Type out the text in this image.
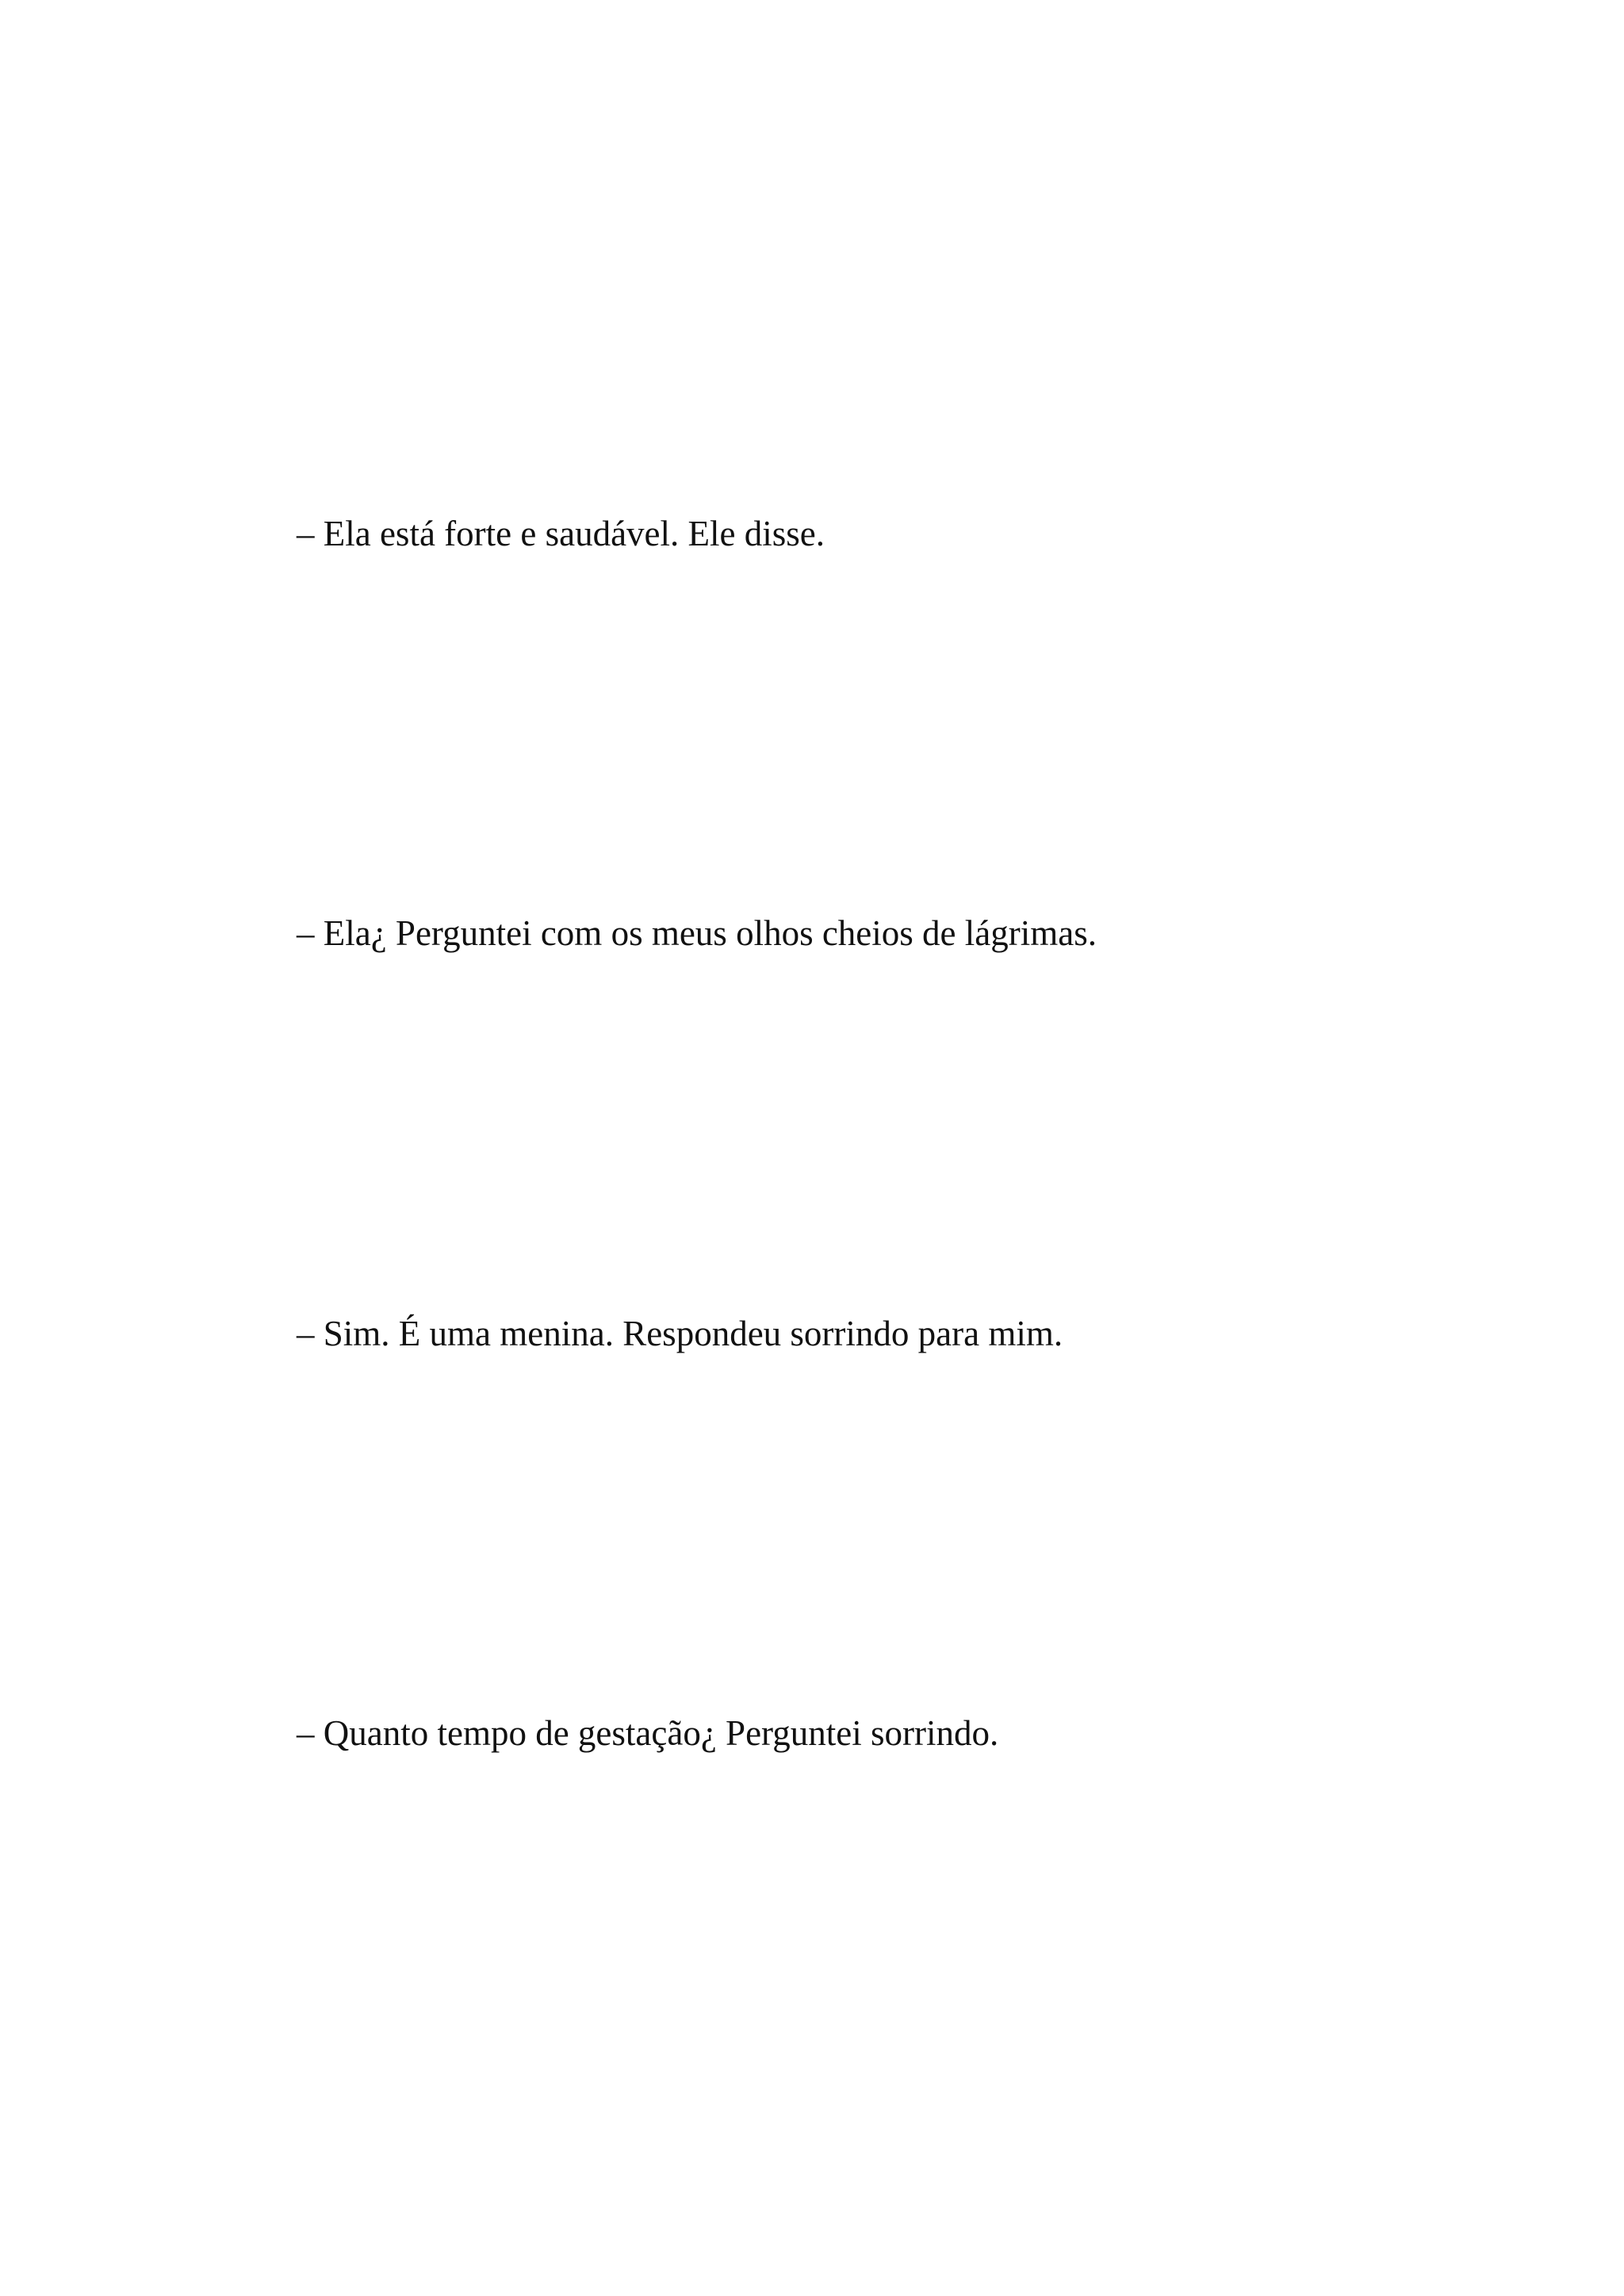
– Ela está forte e saudável. Ele disse.

– Ela¿ Perguntei com os meus olhos cheios de lágrimas.

– Sim. É uma menina. Respondeu sorrindo para mim.

– Quanto tempo de gestação¿ Perguntei sorrindo.
